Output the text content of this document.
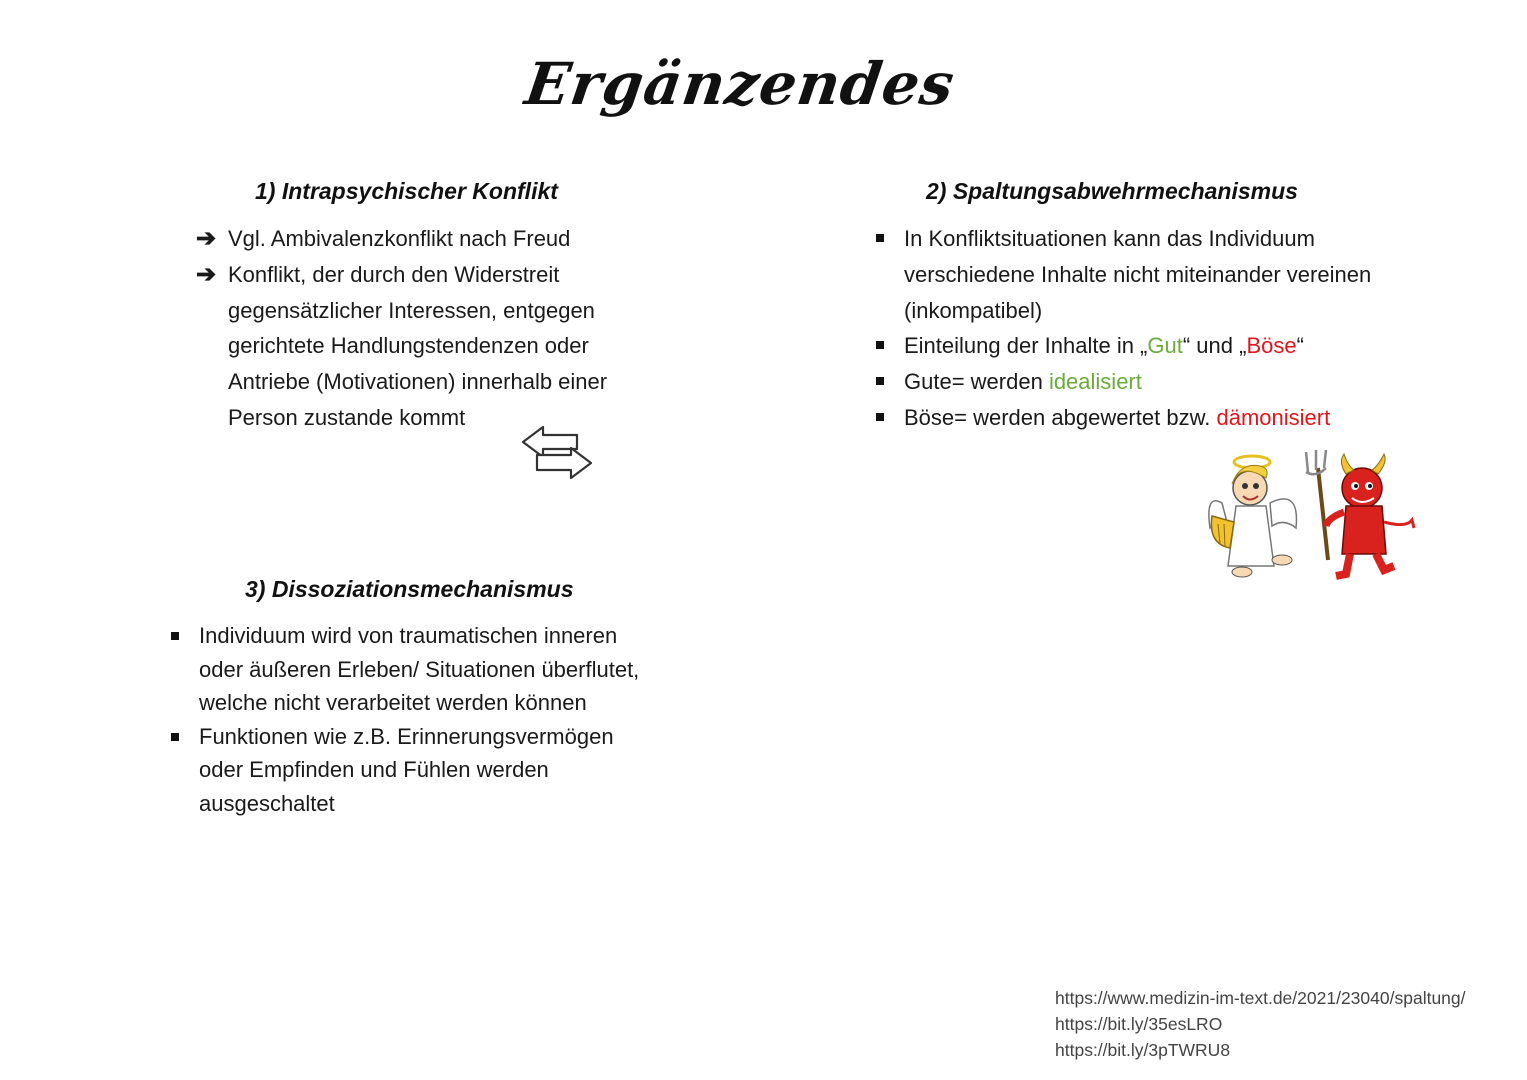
Ergänzendes
1) Intrapsychischer Konflikt
➔ Vgl. Ambivalenzkonflikt nach Freud
➔ Konflikt, der durch den Widerstreit gegensätzlicher Interessen, entgegen gerichtete Handlungstendenzen oder Antriebe (Motivationen) innerhalb einer Person zustande kommt
2) Spaltungsabwehrmechanismus
In Konfliktsituationen kann das Individuum verschiedene Inhalte nicht miteinander vereinen (inkompatibel)
Einteilung der Inhalte in „Gut“ und „Böse“
Gute= werden idealisiert
Böse= werden abgewertet bzw. dämonisiert
3) Dissoziationsmechanismus
Individuum wird von traumatischen inneren oder äußeren Erleben/ Situationen überflutet, welche nicht verarbeitet werden können
Funktionen wie z.B. Erinnerungsvermögen oder Empfinden und Fühlen werden ausgeschaltet
https://www.medizin-im-text.de/2021/23040/spaltung/
https://bit.ly/35esLRO
https://bit.ly/3pTWRU8
